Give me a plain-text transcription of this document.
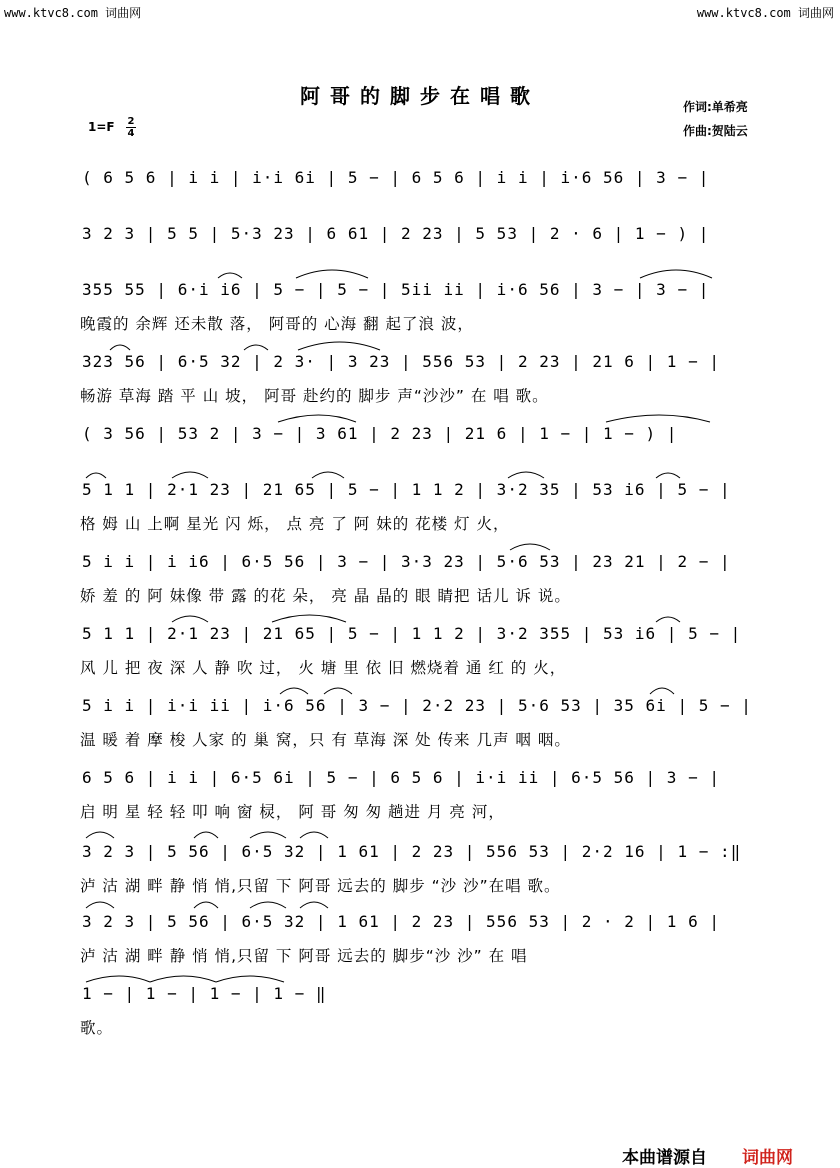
www.ktvc8.com 词曲网	www.ktvc8.com 词曲网
阿哥的脚步在唱歌	作词:单希亮
作曲:贺陆云
1=F 2
4
( 6 5 6 | i i | i·i 6i | 5 − | 6 5 6 | i i | i·6 56 | 3 − |
3 2 3 | 5 5 | 5·3 23 | 6 61 | 2 23 | 5 53 | 2 · 6 | 1 − ) |
355 55 | 6·i i6 | 5 − | 5 − | 5ii ii | i·6 56 | 3 − | 3 − |
晚霞的 余辉 还未散 落， 阿哥的 心海 翻 起了浪 波，
323 56 | 6·5 32 | 2 3· | 3 23 | 556 53 | 2 23 | 21 6 | 1 − |
畅游 草海 踏 平 山 坡， 阿哥 赴约的 脚步 声“沙沙” 在 唱 歌。
( 3 56 | 53 2 | 3 − | 3 61 | 2 23 | 21 6 | 1 − | 1 − ) |
5 1 1 | 2·1 23 | 21 65 | 5 − | 1 1 2 | 3·2 35 | 53 i6 | 5 − |
格 姆 山 上啊 星光 闪 烁， 点 亮 了 阿 妹的 花楼 灯 火，
5 i i | i i6 | 6·5 56 | 3 − | 3·3 23 | 5·6 53 | 23 21 | 2 − |
娇 羞 的 阿 妹像 带 露 的花 朵， 亮 晶 晶的 眼 睛把 话儿 诉 说。
5 1 1 | 2·1 23 | 21 65 | 5 − | 1 1 2 | 3·2 355 | 53 i6 | 5 − |
风 儿 把 夜 深 人 静 吹 过， 火 塘 里 依 旧 燃烧着 通 红 的 火，
5 i i | i·i ii | i·6 56 | 3 − | 2·2 23 | 5·6 53 | 35 6i | 5 − |
温 暖 着 摩 梭 人家 的 巢 窝，只 有 草海 深 处 传来 几声 咽 咽。
6 5 6 | i i | 6·5 6i | 5 − | 6 5 6 | i·i ii | 6·5 56 | 3 − |
启 明 星 轻 轻 叩 响 窗 棂， 阿 哥 匆 匆 趟进 月 亮 河，
3 2 3 | 5 56 | 6·5 32 | 1 61 | 2 23 | 556 53 | 2·2 16 | 1 − :‖
泸 沽 湖 畔 静 悄 悄,只留 下 阿哥 远去的 脚步 “沙 沙”在唱 歌。
3 2 3 | 5 56 | 6·5 32 | 1 61 | 2 23 | 556 53 | 2 · 2 | 1 6 |
泸 沽 湖 畔 静 悄 悄,只留 下 阿哥 远去的 脚步“沙 沙” 在 唱
1 − | 1 − | 1 − | 1 − ‖
歌。
本曲谱源自 词曲网
